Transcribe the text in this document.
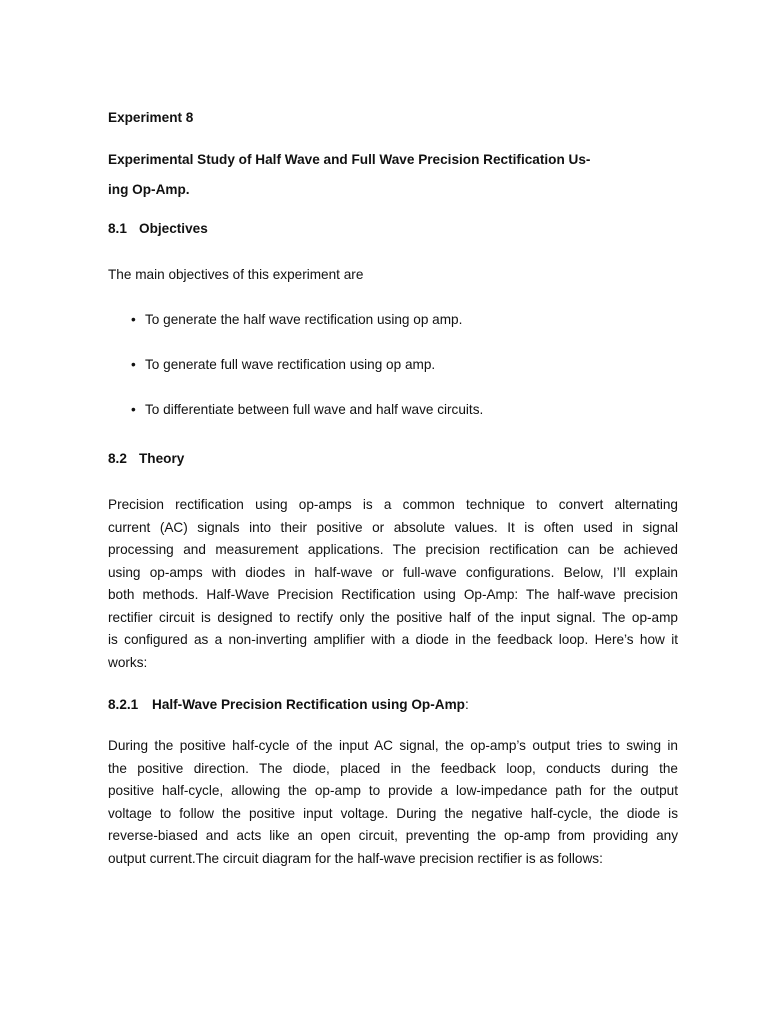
Experiment 8
Experimental Study of Half Wave and Full Wave Precision Rectification Us-
ing Op-Amp.
8.1 Objectives
The main objectives of this experiment are
• To generate the half wave rectification using op amp.
• To generate full wave rectification using op amp.
• To differentiate between full wave and half wave circuits.
8.2 Theory
Precision rectification using op-amps is a common technique to convert alternating
current (AC) signals into their positive or absolute values. It is often used in signal
processing and measurement applications. The precision rectification can be achieved
using op-amps with diodes in half-wave or full-wave configurations. Below, I’ll explain
both methods. Half-Wave Precision Rectification using Op-Amp: The half-wave precision
rectifier circuit is designed to rectify only the positive half of the input signal. The op-amp
is configured as a non-inverting amplifier with a diode in the feedback loop. Here’s how it
works:
8.2.1 Half-Wave Precision Rectification using Op-Amp:
During the positive half-cycle of the input AC signal, the op-amp’s output tries to swing in
the positive direction. The diode, placed in the feedback loop, conducts during the
positive half-cycle, allowing the op-amp to provide a low-impedance path for the output
voltage to follow the positive input voltage. During the negative half-cycle, the diode is
reverse-biased and acts like an open circuit, preventing the op-amp from providing any
output current.The circuit diagram for the half-wave precision rectifier is as follows:
